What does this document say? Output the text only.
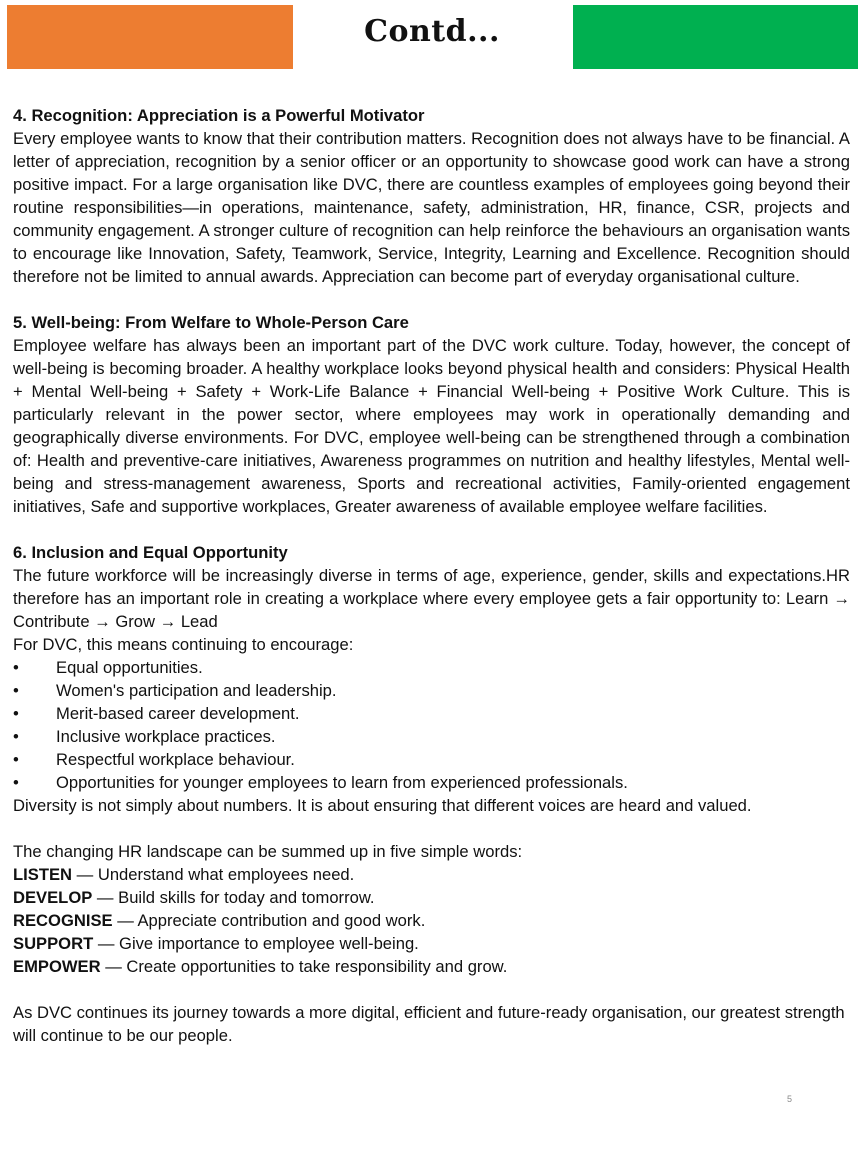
Contd...

4. Recognition: Appreciation is a Powerful Motivator

Every employee wants to know that their contribution matters. Recognition does not always have to be financial. A letter of appreciation, recognition by a senior officer or an opportunity to showcase good work can have a strong positive impact. For a large organisation like DVC, there are countless examples of employees going beyond their routine responsibilities—in operations, maintenance, safety, administration, HR, finance, CSR, projects and community engagement. A stronger culture of recognition can help reinforce the behaviours an organisation wants to encourage like Innovation, Safety, Teamwork, Service, Integrity, Learning and Excellence. Recognition should therefore not be limited to annual awards. Appreciation can become part of everyday organisational culture.

5. Well-being: From Welfare to Whole-Person Care

Employee welfare has always been an important part of the DVC work culture. Today, however, the concept of well-being is becoming broader. A healthy workplace looks beyond physical health and considers: Physical Health + Mental Well-being + Safety + Work-Life Balance + Financial Well-being + Positive Work Culture. This is particularly relevant in the power sector, where employees may work in operationally demanding and geographically diverse environments. For DVC, employee well-being can be strengthened through a combination of: Health and preventive-care initiatives, Awareness programmes on nutrition and healthy lifestyles, Mental well-being and stress-management awareness, Sports and recreational activities, Family-oriented engagement initiatives, Safe and supportive workplaces, Greater awareness of available employee welfare facilities.

6. Inclusion and Equal Opportunity

The future workforce will be increasingly diverse in terms of age, experience, gender, skills and expectations.HR therefore has an important role in creating a workplace where every employee gets a fair opportunity to: Learn → Contribute → Grow → Lead

For DVC, this means continuing to encourage:

• Equal opportunities.
• Women's participation and leadership.
• Merit-based career development.
• Inclusive workplace practices.
• Respectful workplace behaviour.
• Opportunities for younger employees to learn from experienced professionals.

Diversity is not simply about numbers. It is about ensuring that different voices are heard and valued.

The changing HR landscape can be summed up in five simple words:

LISTEN — Understand what employees need.

DEVELOP — Build skills for today and tomorrow.

RECOGNISE — Appreciate contribution and good work.

SUPPORT — Give importance to employee well-being.

EMPOWER — Create opportunities to take responsibility and grow.

As DVC continues its journey towards a more digital, efficient and future-ready organisation, our greatest strength will continue to be our people.

5
